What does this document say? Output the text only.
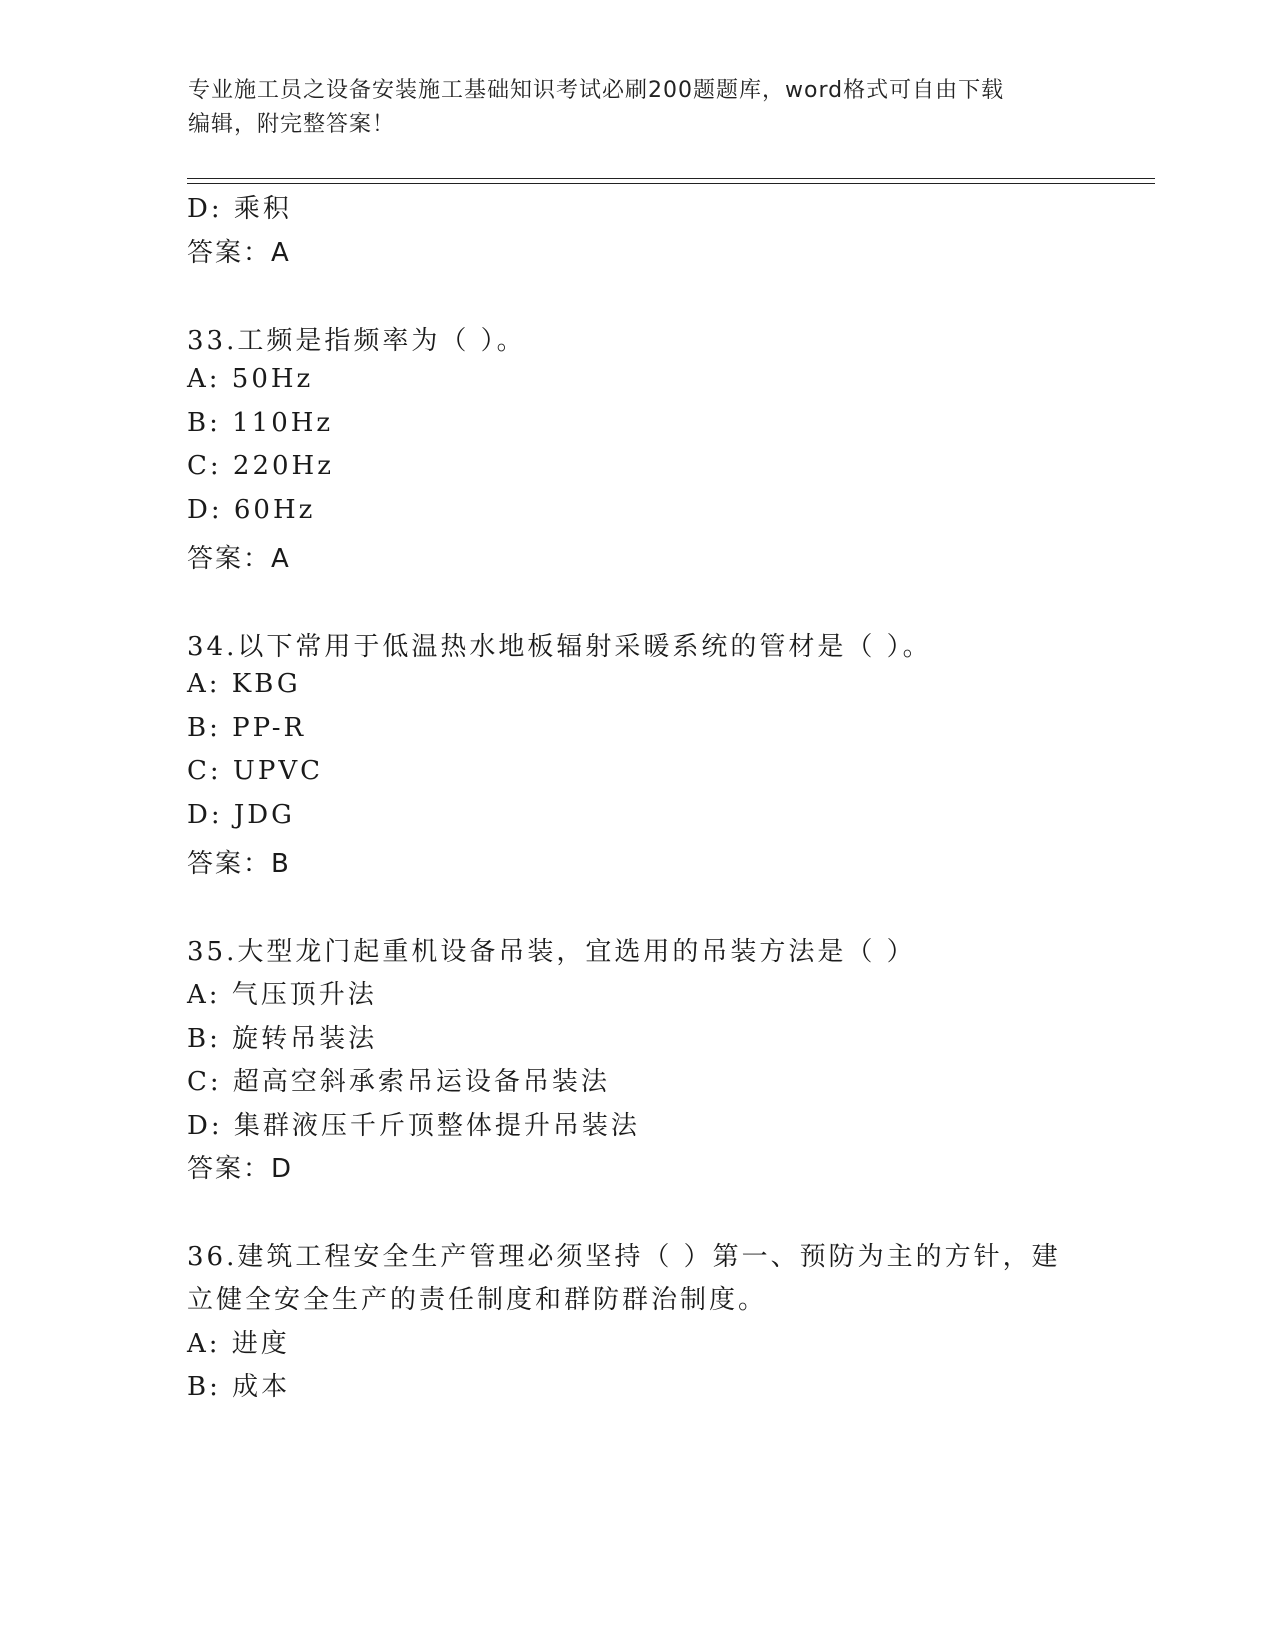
专业施工员之设备安装施工基础知识考试必刷200题题库，word格式可自由下载
编辑，附完整答案！
D: 乘积
答案：A
33.工频是指频率为（ ）。
A: 50Hz
B: 110Hz
C: 220Hz
D: 60Hz
答案：A
34.以下常用于低温热水地板辐射采暖系统的管材是（ ）。
A: KBG
B: PP-R
C: UPVC
D: JDG
答案：B
35.大型龙门起重机设备吊装，宜选用的吊装方法是（ ）
A: 气压顶升法
B: 旋转吊装法
C: 超高空斜承索吊运设备吊装法
D: 集群液压千斤顶整体提升吊装法
答案：D
36.建筑工程安全生产管理必须坚持（ ）第一、预防为主的方针，建
立健全安全生产的责任制度和群防群治制度。
A: 进度
B: 成本
